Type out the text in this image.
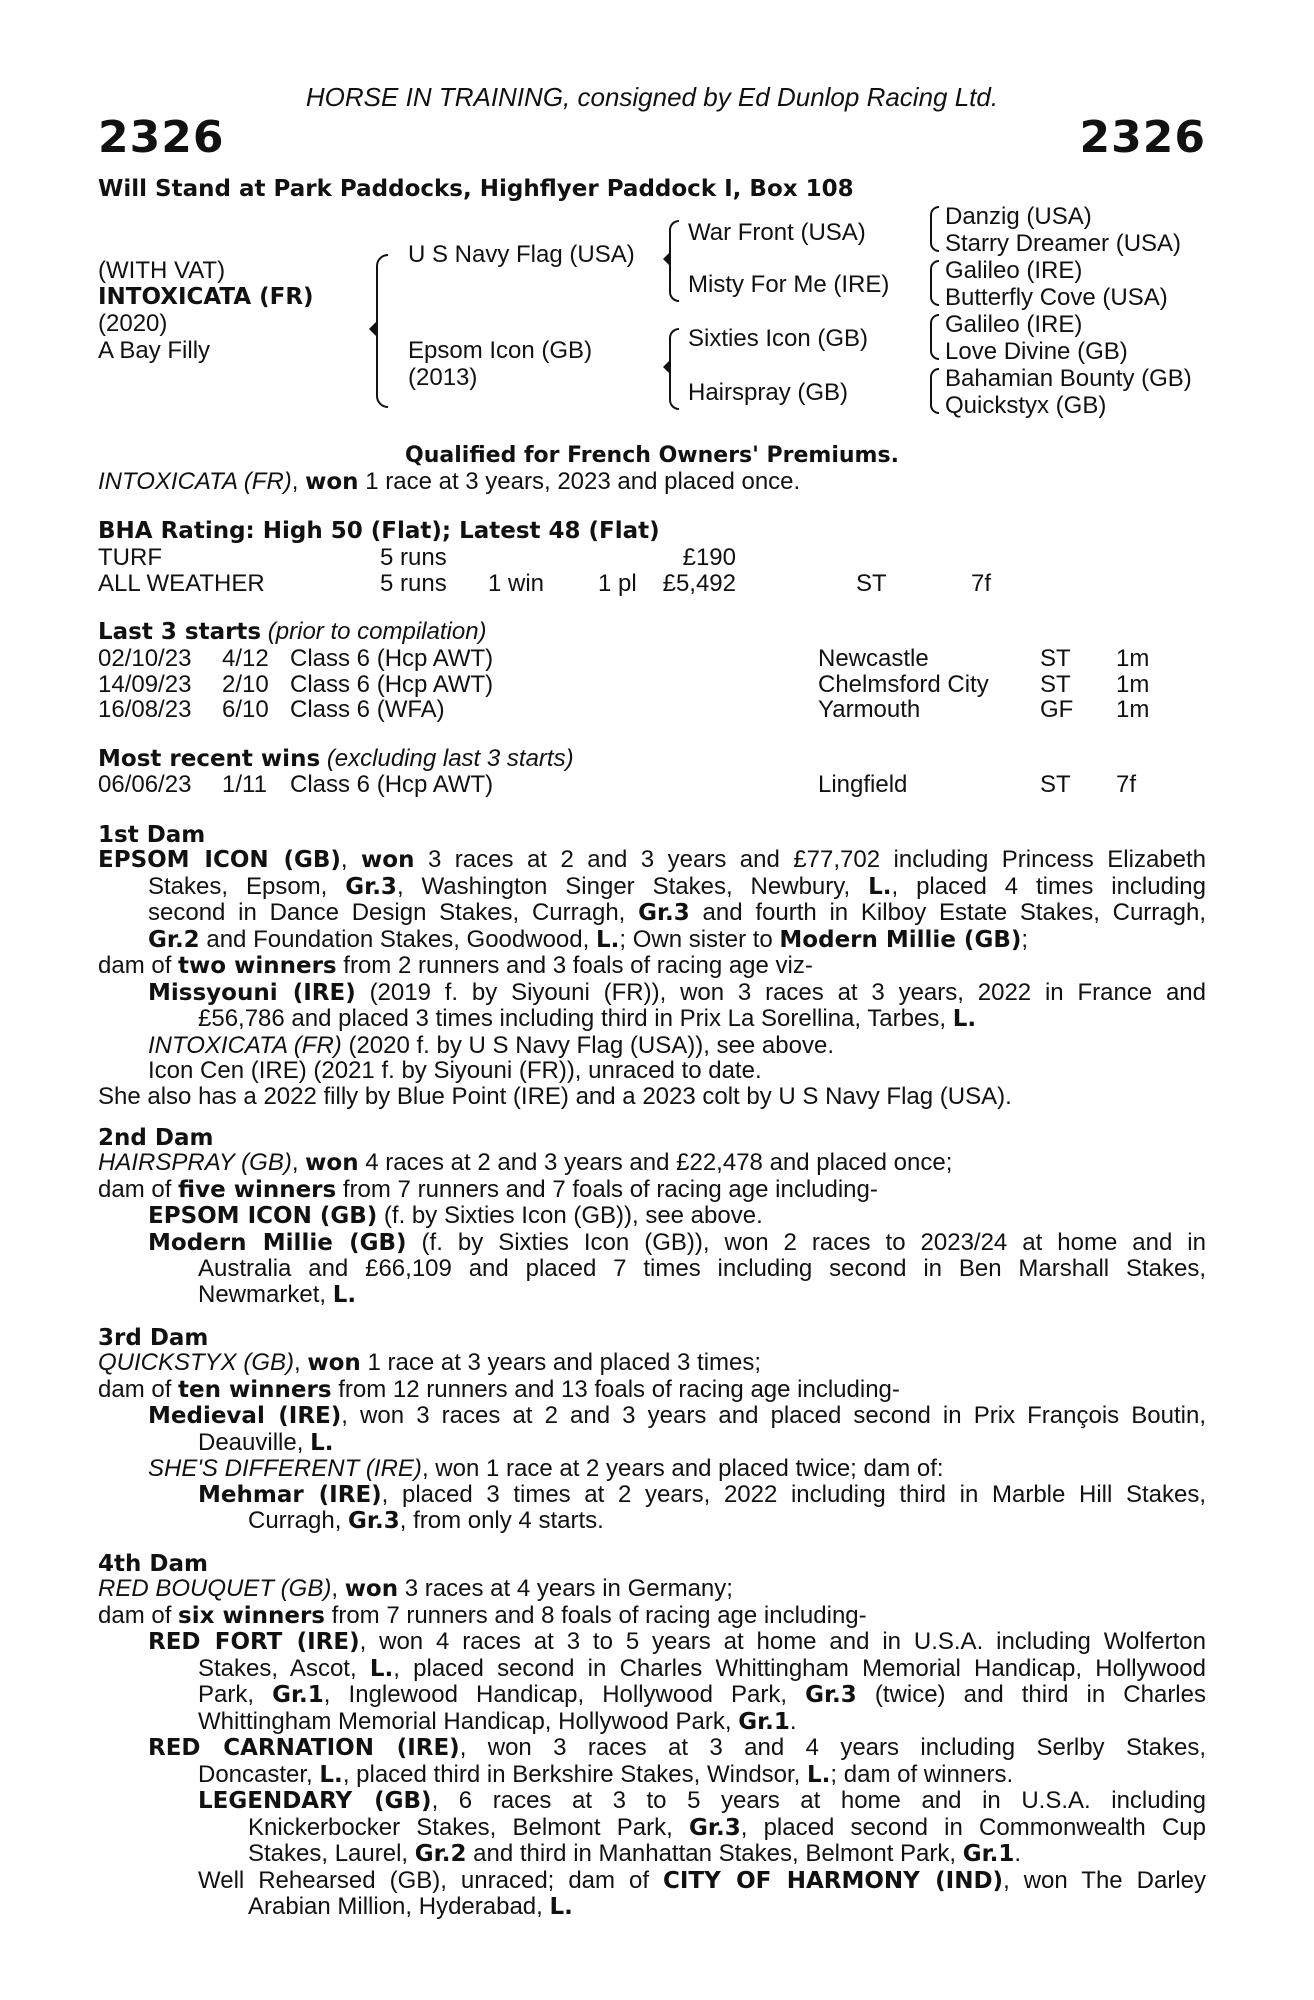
HORSE IN TRAINING, consigned by Ed Dunlop Racing Ltd.
2326	2326
Will Stand at Park Paddocks, Highflyer Paddock I, Box 108
(WITH VAT)
INTOXICATA (FR)
(2020)
A Bay Filly
U S Navy Flag (USA)
Epsom Icon (GB)
(2013)
War Front (USA)
Misty For Me (IRE)
Sixties Icon (GB)
Hairspray (GB)
Danzig (USA)
Starry Dreamer (USA)
Galileo (IRE)
Butterfly Cove (USA)
Galileo (IRE)
Love Divine (GB)
Bahamian Bounty (GB)
Quickstyx (GB)
Qualified for French Owners' Premiums.
INTOXICATA (FR), won 1 race at 3 years, 2023 and placed once.
BHA Rating: High 50 (Flat); Latest 48 (Flat)
TURF	5 runs	£190
ALL WEATHER	5 runs 1 win 1 pl £5,492	ST	7f
Last 3 starts (prior to compilation)
02/10/23 4/12 Class 6 (Hcp AWT)	Newcastle	ST 1m
14/09/23 2/10 Class 6 (Hcp AWT)	Chelmsford City ST 1m
16/08/23 6/10 Class 6 (WFA)	Yarmouth	GF 1m
Most recent wins (excluding last 3 starts)
06/06/23 1/11 Class 6 (Hcp AWT)	Lingfield	ST 7f
1st Dam
EPSOM ICON (GB), won 3 races at 2 and 3 years and £77,702 including Princess Elizabeth
Stakes, Epsom, Gr.3, Washington Singer Stakes, Newbury, L., placed 4 times including
second in Dance Design Stakes, Curragh, Gr.3 and fourth in Kilboy Estate Stakes, Curragh,
Gr.2 and Foundation Stakes, Goodwood, L.; Own sister to Modern Millie (GB);
dam of two winners from 2 runners and 3 foals of racing age viz-
Missyouni (IRE) (2019 f. by Siyouni (FR)), won 3 races at 3 years, 2022 in France and
£56,786 and placed 3 times including third in Prix La Sorellina, Tarbes, L.
INTOXICATA (FR) (2020 f. by U S Navy Flag (USA)), see above.
Icon Cen (IRE) (2021 f. by Siyouni (FR)), unraced to date.
She also has a 2022 filly by Blue Point (IRE) and a 2023 colt by U S Navy Flag (USA).
2nd Dam
HAIRSPRAY (GB), won 4 races at 2 and 3 years and £22,478 and placed once;
dam of five winners from 7 runners and 7 foals of racing age including-
EPSOM ICON (GB) (f. by Sixties Icon (GB)), see above.
Modern Millie (GB) (f. by Sixties Icon (GB)), won 2 races to 2023/24 at home and in
Australia and £66,109 and placed 7 times including second in Ben Marshall Stakes,
Newmarket, L.
3rd Dam
QUICKSTYX (GB), won 1 race at 3 years and placed 3 times;
dam of ten winners from 12 runners and 13 foals of racing age including-
Medieval (IRE), won 3 races at 2 and 3 years and placed second in Prix François Boutin,
Deauville, L.
SHE'S DIFFERENT (IRE), won 1 race at 2 years and placed twice; dam of:
Mehmar (IRE), placed 3 times at 2 years, 2022 including third in Marble Hill Stakes,
Curragh, Gr.3, from only 4 starts.
4th Dam
RED BOUQUET (GB), won 3 races at 4 years in Germany;
dam of six winners from 7 runners and 8 foals of racing age including-
RED FORT (IRE), won 4 races at 3 to 5 years at home and in U.S.A. including Wolferton
Stakes, Ascot, L., placed second in Charles Whittingham Memorial Handicap, Hollywood
Park, Gr.1, Inglewood Handicap, Hollywood Park, Gr.3 (twice) and third in Charles
Whittingham Memorial Handicap, Hollywood Park, Gr.1.
RED CARNATION (IRE), won 3 races at 3 and 4 years including Serlby Stakes,
Doncaster, L., placed third in Berkshire Stakes, Windsor, L.; dam of winners.
LEGENDARY (GB), 6 races at 3 to 5 years at home and in U.S.A. including
Knickerbocker Stakes, Belmont Park, Gr.3, placed second in Commonwealth Cup
Stakes, Laurel, Gr.2 and third in Manhattan Stakes, Belmont Park, Gr.1.
Well Rehearsed (GB), unraced; dam of CITY OF HARMONY (IND), won The Darley
Arabian Million, Hyderabad, L.
